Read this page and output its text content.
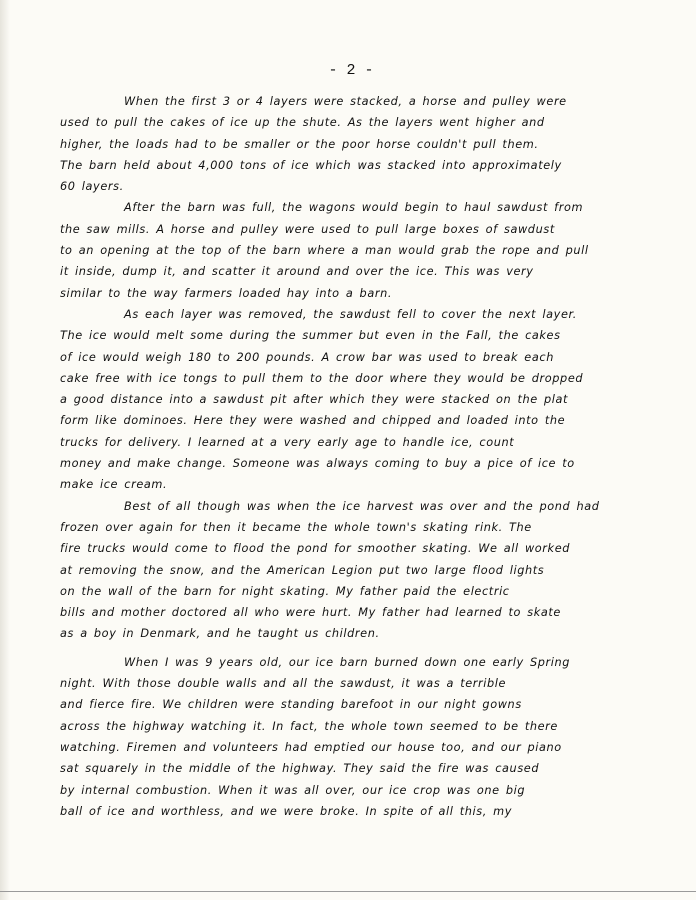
- 2 -
When the first 3 or 4 layers were stacked, a horse and pulley were
used to pull the cakes of ice up the shute. As the layers went higher and
higher, the loads had to be smaller or the poor horse couldn't pull them.
The barn held about 4,000 tons of ice which was stacked into approximately
60 layers.
After the barn was full, the wagons would begin to haul sawdust from
the saw mills. A horse and pulley were used to pull large boxes of sawdust
to an opening at the top of the barn where a man would grab the rope and pull
it inside, dump it, and scatter it around and over the ice. This was very
similar to the way farmers loaded hay into a barn.
As each layer was removed, the sawdust fell to cover the next layer.
The ice would melt some during the summer but even in the Fall, the cakes
of ice would weigh 180 to 200 pounds. A crow bar was used to break each
cake free with ice tongs to pull them to the door where they would be dropped
a good distance into a sawdust pit after which they were stacked on the plat
form like dominoes. Here they were washed and chipped and loaded into the
trucks for delivery. I learned at a very early age to handle ice, count
money and make change. Someone was always coming to buy a pice of ice to
make ice cream.
Best of all though was when the ice harvest was over and the pond had
frozen over again for then it became the whole town's skating rink. The
fire trucks would come to flood the pond for smoother skating. We all worked
at removing the snow, and the American Legion put two large flood lights
on the wall of the barn for night skating. My father paid the electric
bills and mother doctored all who were hurt. My father had learned to skate
as a boy in Denmark, and he taught us children.
When I was 9 years old, our ice barn burned down one early Spring
night. With those double walls and all the sawdust, it was a terrible
and fierce fire. We children were standing barefoot in our night gowns
across the highway watching it. In fact, the whole town seemed to be there
watching. Firemen and volunteers had emptied our house too, and our piano
sat squarely in the middle of the highway. They said the fire was caused
by internal combustion. When it was all over, our ice crop was one big
ball of ice and worthless, and we were broke. In spite of all this, my
